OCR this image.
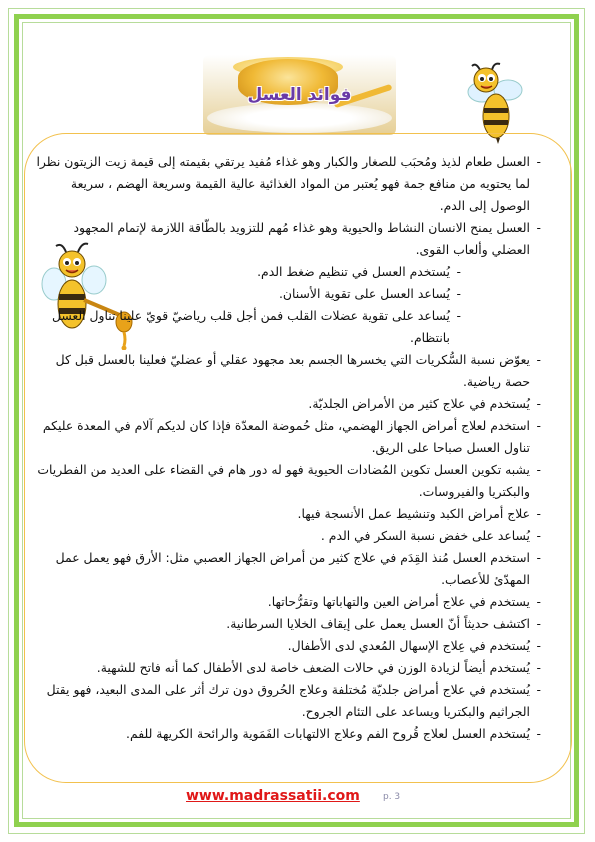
فوائد العسل
- العسل طعام لذيذ ومُحبَب للصغار والكبار وهو غذاء مُفيد يرتقي بقيمته إلى قيمة زيت الزيتون نظرا لما يحتويه من منافع جمة فهو يُعتبر من المواد الغذائية عالية القيمة وسريعة الهضم ، سريعة الوصول إلى الدم.
- العسل يمنح الانسان النشاط والحيوية وهو غذاء مُهم للتزويد بالطّاقة اللازمة لإتمام المجهود العضلي وألعاب القوى.
- يُستخدم العسل في تنظيم ضغط الدم.
- يُساعد العسل على تقوية الأسنان.
- يُساعد على تقوية عضلات القلب فمن أجل قلب رياضيّ قويّ علينا تناول العسل بانتظام.
- يعوّض نسبة السُّكريات التي يخسرها الجسم بعد مجهود عقلي أو عضليّ فعلينا بالعسل قبل كل حصة رياضية.
- يُستخدم في علاج كثير من الأمراض الجلديّة.
- استخدم لعلاج أمراض الجهاز الهضمي، مثل حُموضة المعدّة فإذا كان لديكم آلام في المعدة عليكم تناول العسل صباحا على الريق.
- يشبه تكوين العسل تكوين المُضادات الحيوية فهو له دور هام في القضاء على العديد من الفطريات والبكتريا والفيروسات.
- علاج أمراض الكبد وتنشيط عمل الأنسجة فيها.
- يُساعد على خفض نسبة السكر في الدم .
- استخدم العسل مُنذ القِدَم في علاج كثير من أمراض الجهاز العصبي مثل: الأرق فهو يعمل عمل المهدّئ للأعصاب.
- يستخدم في علاج أمراض العين والتهاباتها وتقرُّحاتها.
- اكتشف حديثاً أنّ العسل يعمل على إيقاف الخلايا السرطانية.
- يُستخدم في عِلاج الإسهال المُعدي لدى الأطفال.
- يُستخدم أيضاً لزيادة الوزن في حالات الضعف خاصة لدى الأطفال كما أنه فاتح للشهية.
- يُستخدم في علاج أمراض جلديّة مُختلفة وعلاج الحُروق دون ترك أثر على المدى البعيد، فهو يقتل الجراثيم والبكتريا ويساعد على التئام الجروح.
- يُستخدم العسل لعلاج قُروح الفم وعلاج الالتهابات الفَمَوية والرائحة الكريهة للفم.
www.madrassatii.com	p. 3
